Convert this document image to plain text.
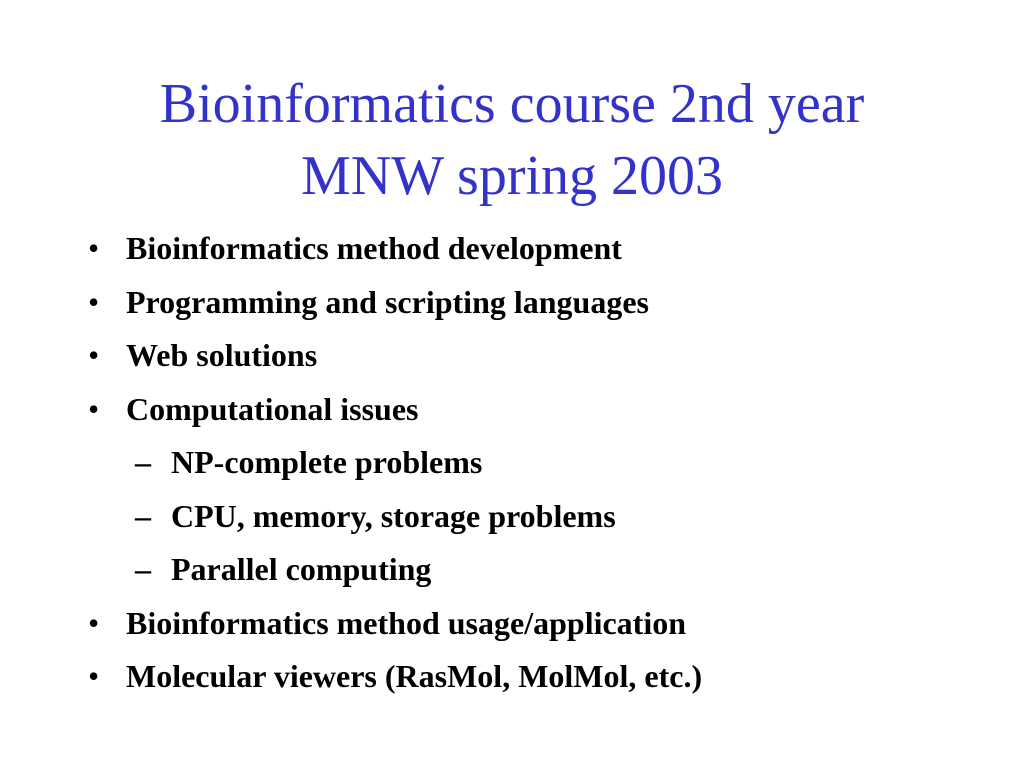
Bioinformatics course 2nd year
MNW spring 2003
• Bioinformatics method development
• Programming and scripting languages
• Web solutions
• Computational issues
– NP-complete problems
– CPU, memory, storage problems
– Parallel computing
• Bioinformatics method usage/application
• Molecular viewers (RasMol, MolMol, etc.)
